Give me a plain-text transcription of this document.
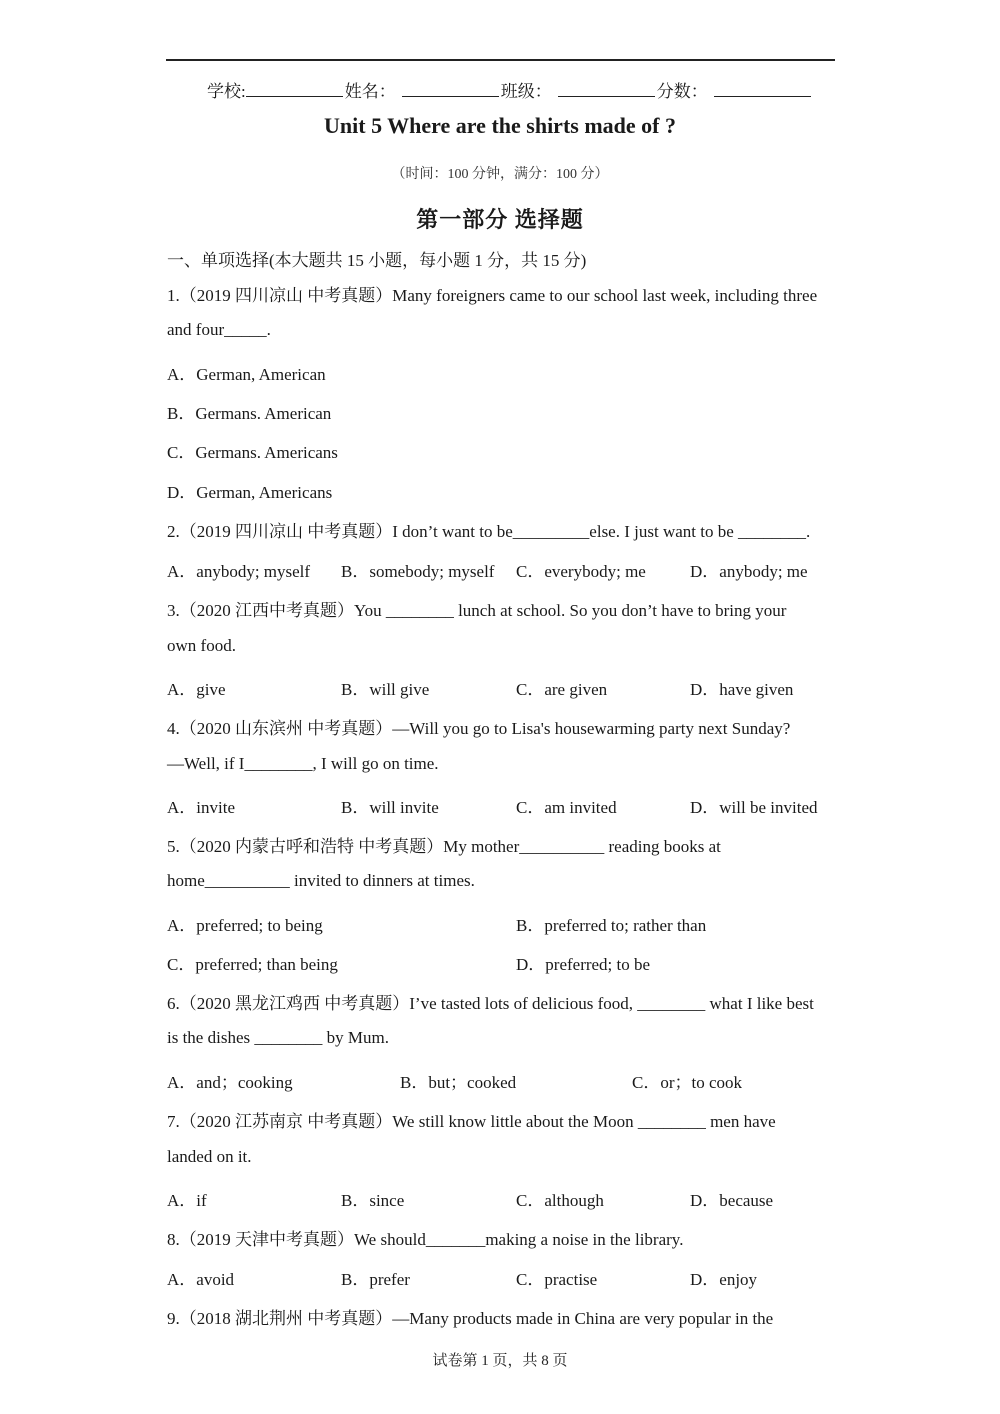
学校:	姓名：	班级：	分数：
Unit 5 Where are the shirts made of ?
（时间：100 分钟，满分：100 分）
第一部分 选择题
一、单项选择(本大题共 15 小题，每小题 1 分，共 15 分)
1.（2019 四川凉山 中考真题）Many foreigners came to our school last week, including three
and four_____.
A．German, American
B．Germans. American
C．Germans. Americans
D．German, Americans
2.（2019 四川凉山 中考真题）I don’t want to be_________else. I just want to be ________.
A．anybody; myself B．somebody; myself C．everybody; me	D．anybody; me
3.（2020 江西中考真题）You ________ lunch at school. So you don’t have to bring your
own food.
A．give	B．will give	C．are given	D．have given
4.（2020 山东滨州 中考真题）—Will you go to Lisa's housewarming party next Sunday?
—Well, if I________, I will go on time.
A．invite	B．will invite	C．am invited	D．will be invited
5.（2020 内蒙古呼和浩特 中考真题）My mother__________ reading books at
home__________ invited to dinners at times.
A．preferred; to being	B．preferred to; rather than
C．preferred; than being	D．preferred; to be
6.（2020 黑龙江鸡西 中考真题）I’ve tasted lots of delicious food, ________ what I like best
is the dishes ________ by Mum.
A．and；cooking	B．but；cooked	C．or；to cook
7.（2020 江苏南京 中考真题）We still know little about the Moon ________ men have
landed on it.
A．if	B．since	C．although	D．because
8.（2019 天津中考真题）We should_______making a noise in the library.
A．avoid	B．prefer	C．practise	D．enjoy
9.（2018 湖北荆州 中考真题）—Many products made in China are very popular in the
试卷第 1 页，共 8 页
